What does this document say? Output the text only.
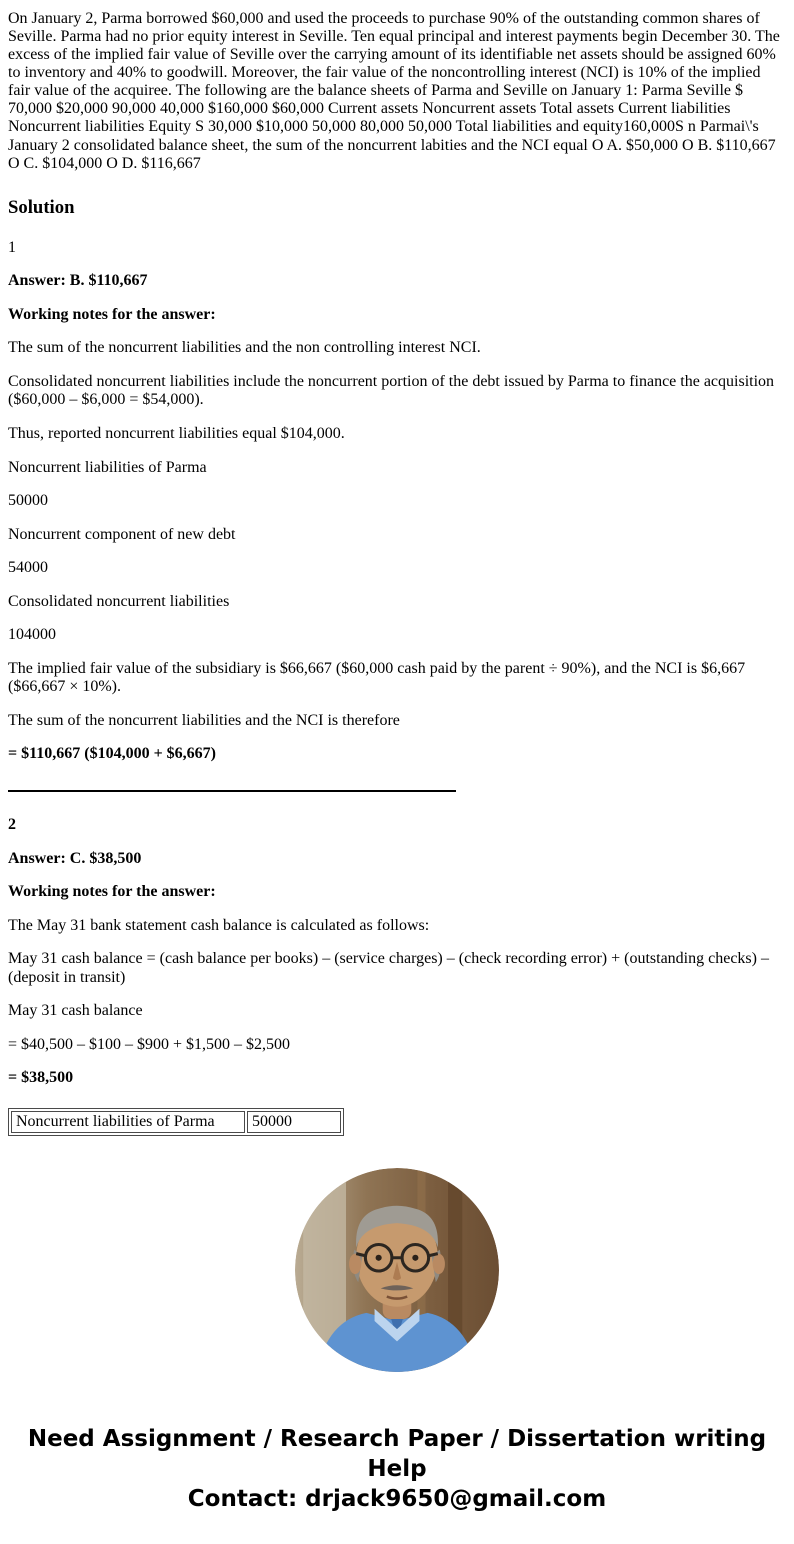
On January 2, Parma borrowed $60,000 and used the proceeds to purchase 90% of the outstanding common shares of Seville. Parma had no prior equity interest in Seville. Ten equal principal and interest payments begin December 30. The excess of the implied fair value of Seville over the carrying amount of its identifiable net assets should be assigned 60% to inventory and 40% to goodwill. Moreover, the fair value of the noncontrolling interest (NCI) is 10% of the implied fair value of the acquiree. The following are the balance sheets of Parma and Seville on January 1: Parma Seville $ 70,000 $20,000 90,000 40,000 $160,000 $60,000 Current assets Noncurrent assets Total assets Current liabilities Noncurrent liabilities Equity S 30,000 $10,000 50,000 80,000 50,000 Total liabilities and equity160,000S n Parmai\'s January 2 consolidated balance sheet, the sum of the noncurrent labities and the NCI equal O A. $50,000 O B. $110,667 O C. $104,000 O D. $116,667

Solution

1

Answer: B. $110,667

Working notes for the answer:

The sum of the noncurrent liabilities and the non controlling interest NCI.

Consolidated noncurrent liabilities include the noncurrent portion of the debt issued by Parma to finance the acquisition ($60,000 – $6,000 = $54,000).

Thus, reported noncurrent liabilities equal $104,000.

Noncurrent liabilities of Parma

50000

Noncurrent component of new debt

54000

Consolidated noncurrent liabilities

104000

The implied fair value of the subsidiary is $66,667 ($60,000 cash paid by the parent ÷ 90%), and the NCI is $6,667 ($66,667 × 10%).

The sum of the noncurrent liabilities and the NCI is therefore

= $110,667 ($104,000 + $6,667)

2

Answer: C. $38,500

Working notes for the answer:

The May 31 bank statement cash balance is calculated as follows:

May 31 cash balance = (cash balance per books) – (service charges) – (check recording error) + (outstanding checks) – (deposit in transit)

May 31 cash balance

= $40,500 – $100 – $900 + $1,500 – $2,500

= $38,500

Noncurrent liabilities of Parma	50000
Need Assignment / Research Paper / Dissertation writing Help
Contact: drjack9650@gmail.com
